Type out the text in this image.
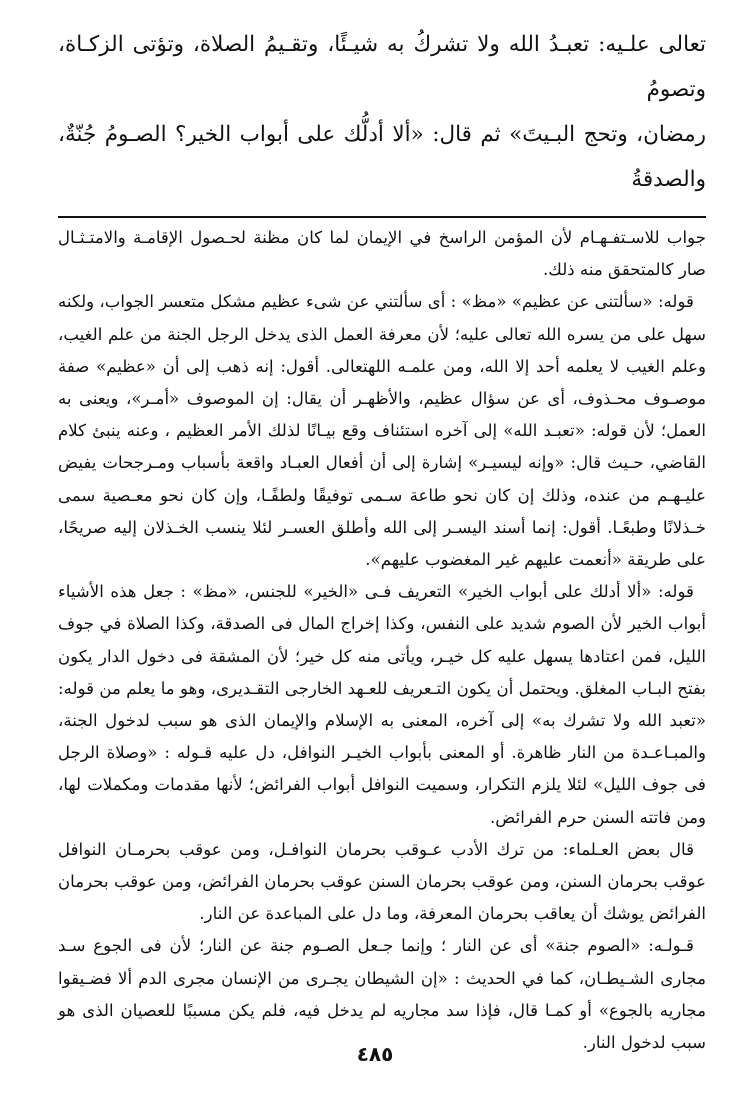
تعالى علـيه: تعبـدُ الله ولا تشركُ به شيـئًا، وتقـيمُ الصلاة، وتؤتى الزكـاة، وتصومُ

رمضان، وتحج البـيتَ» ثم قال: «ألا أدلُّك على أبواب الخير؟ الصـومُ جُنّةٌ، والصدقةُ

جواب للاسـتفـهـام لأن المؤمن الراسخ في الإيمان لما كان مظنة لحـصول الإقامـة والامتـثـال صار كالمتحقق منه ذلك.

قوله: «سألتنى عن عظيم» «مظ» : أى سألتني عن شىء عظيم مشكل متعسر الجواب، ولكنه سهل على من يسره الله تعالى عليه؛ لأن معرفة العمل الذى يدخل الرجل الجنة من علم الغيب، وعلم الغيب لا يعلمه أحد إلا الله، ومن علمـه اللهتعالى. أقول: إنه ذهب إلى أن «عظيم» صفة موصـوف محـذوف، أى عن سؤال عظيم، والأظهـر أن يقال: إن الموصوف «أمـر»، ويعنى به العمل؛ لأن قوله: «تعبـد الله» إلى آخره استئناف وقع بيـانًا لذلك الأمر العظيم ، وعنه ينبئ كلام القاضي، حـيث قال: «وإنه ليسيـر» إشارة إلى أن أفعال العبـاد واقعة بأسباب ومـرجحات يفيض عليـهـم من عنده، وذلك إن كان نحو طاعة سـمى توفيقًا ولطفًـا، وإن كان نحو معـصية سمى خـذلانًا وطبعًـا. أقول: إنما أسند اليسـر إلى الله وأطلق العسـر لئلا ينسب الخـذلان إليه صريحًا، على طريقة «أنعمت عليهم غير المغضوب عليهم».

قوله: «ألا أدلك على أبواب الخير» التعريف فـى «الخير» للجنس، «مظ» : جعل هذه الأشياء أبواب الخير لأن الصوم شديد على النفس، وكذا إخراج المال فى الصدقة، وكذا الصلاة في جوف الليل، فمن اعتادها يسهل عليه كل خيـر، ويأتى منه كل خير؛ لأن المشقة فى دخول الدار يكون بفتح البـاب المغلق. ويحتمل أن يكون التـعريف للعـهد الخارجى التقـديرى، وهو ما يعلم من قوله: «تعبد الله ولا تشرك به» إلى آخره، المعنى به الإسلام والإيمان الذى هو سبب لدخول الجنة، والمبـاعـدة من النار ظاهرة. أو المعنى بأبواب الخيـر النوافل، دل عليه قـوله : «وصلاة الرجل فى جوف الليل» لئلا يلزم التكرار، وسميت النوافل أبواب الفرائض؛ لأنها مقدمات ومكملات لها، ومن فاتته السنن حرم الفرائض.

قال بعض العـلماء: من ترك الأدب عـوقب بحرمان النوافـل، ومن عوقب بحرمـان النوافل عوقب بحرمان السنن، ومن عوقب بحرمان السنن عوقب بحرمان الفرائض، ومن عوقب بحرمان الفرائض يوشك أن يعاقب بحرمان المعرفة، وما دل على المباعدة عن النار.

قـولـه: «الصوم جنة» أى عن النار ؛ وإنما جـعل الصـوم جنة عن النار؛ لأن فى الجوع سـد مجارى الشـيطـان، كما في الحديث : «إن الشيطان يجـرى من الإنسان مجرى الدم ألا فضـيقوا مجاريه بالجوع» أو كمـا قال، فإذا سد مجاريه لم يدخل فيه، فلم يكن مسببًا للعصيان الذى هو سبب لدخول النار.

٤٨٥
